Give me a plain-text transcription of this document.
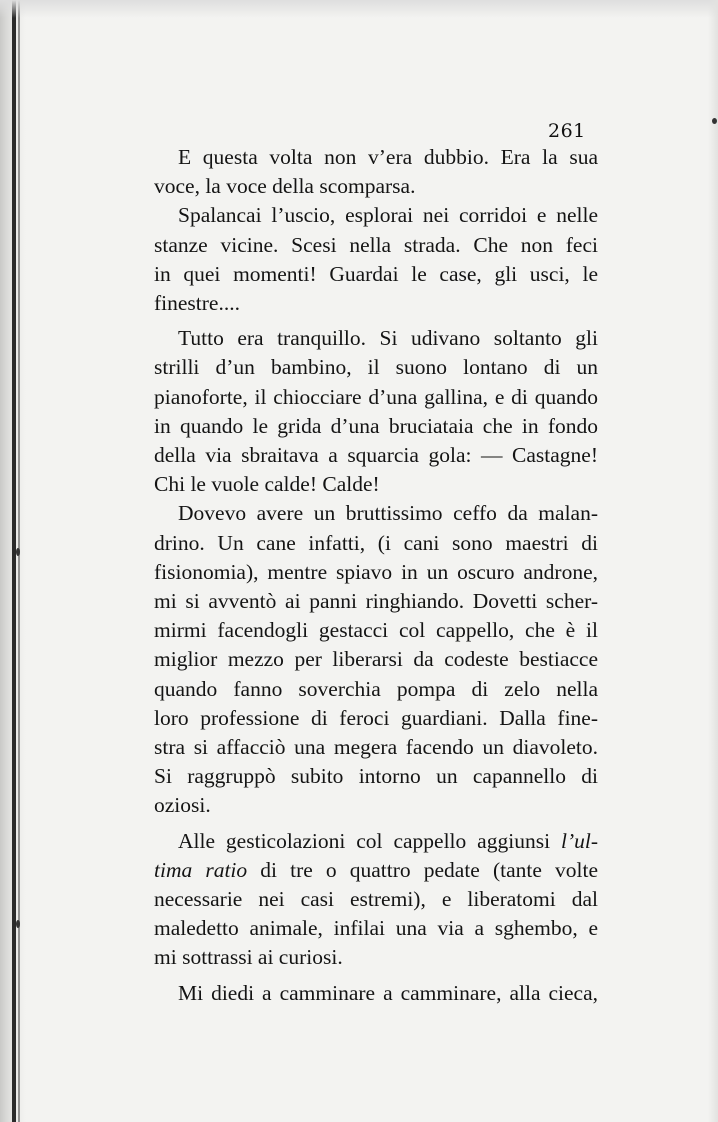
261
E questa volta non v’era dubbio. Era la sua
voce, la voce della scomparsa.
Spalancai l’uscio, esplorai nei corridoi e nelle
stanze vicine. Scesi nella strada. Che non feci
in quei momenti! Guardai le case, gli usci, le
finestre....
Tutto era tranquillo. Si udivano soltanto gli
strilli d’un bambino, il suono lontano di un
pianoforte, il chiocciare d’una gallina, e di quando
in quando le grida d’una bruciataia che in fondo
della via sbraitava a squarcia gola: — Castagne!
Chi le vuole calde! Calde!
Dovevo avere un bruttissimo ceffo da malan-
drino. Un cane infatti, (i cani sono maestri di
fisionomia), mentre spiavo in un oscuro androne,
mi si avventò ai panni ringhiando. Dovetti scher-
mirmi facendogli gestacci col cappello, che è il
miglior mezzo per liberarsi da codeste bestiacce
quando fanno soverchia pompa di zelo nella
loro professione di feroci guardiani. Dalla fine-
stra si affacciò una megera facendo un diavoleto.
Si raggruppò subito intorno un capannello di
oziosi.
Alle gesticolazioni col cappello aggiunsi l’ul-
tima ratio di tre o quattro pedate (tante volte
necessarie nei casi estremi), e liberatomi dal
maledetto animale, infilai una via a sghembo, e
mi sottrassi ai curiosi.
Mi diedi a camminare a camminare, alla cieca,
